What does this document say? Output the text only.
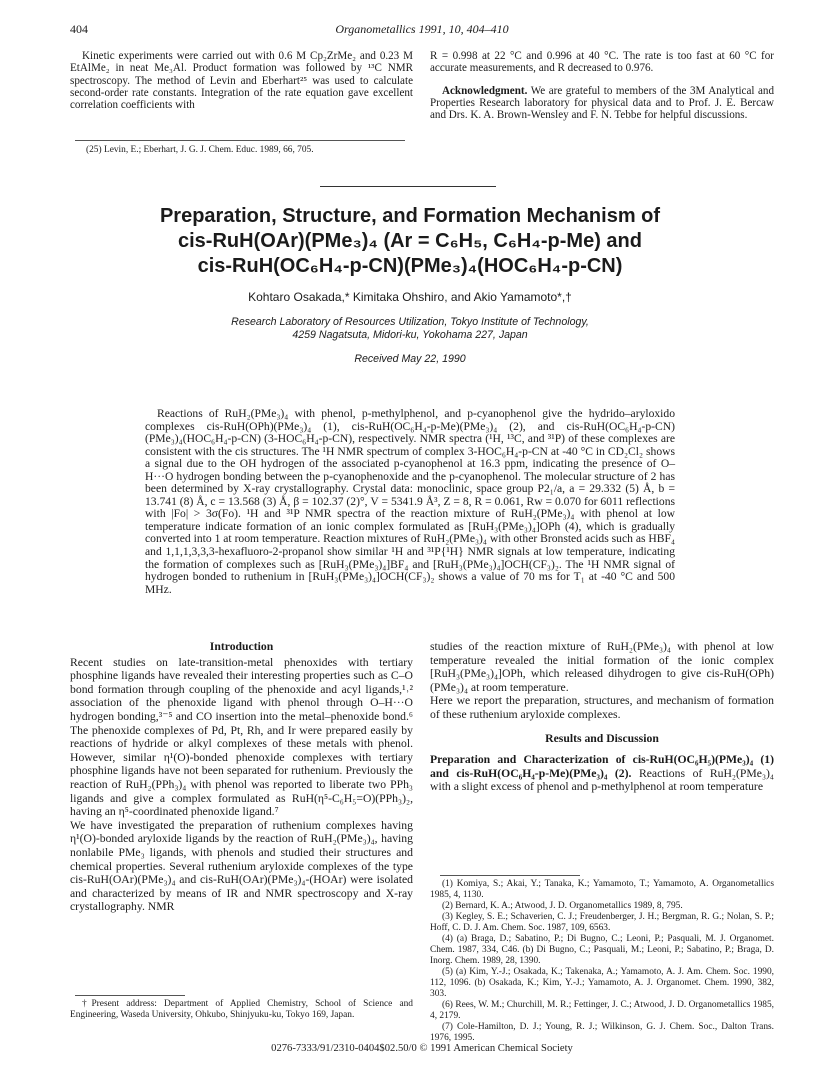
404	Organometallics 1991, 10, 404–410

Kinetic experiments were carried out with 0.6 M Cp₂ZrMe₂ and 0.23 M EtAlMe₂ in neat Me₃Al. Product formation was followed by ¹³C NMR spectroscopy. The method of Levin and Eberhart²⁵ was used to calculate second-order rate constants. Integration of the rate equation gave excellent correlation coefficients with

(25) Levin, E.; Eberhart, J. G. J. Chem. Educ. 1989, 66, 705.

R = 0.998 at 22 °C and 0.996 at 40 °C. The rate is too fast at 60 °C for accurate measurements, and R decreased to 0.976.

Acknowledgment. We are grateful to members of the 3M Analytical and Properties Research laboratory for physical data and to Prof. J. E. Bercaw and Drs. K. A. Brown-Wensley and F. N. Tebbe for helpful discussions.

Preparation, Structure, and Formation Mechanism of
cis-RuH(OAr)(PMe₃)₄ (Ar = C₆H₅, C₆H₄-p-Me) and
cis-RuH(OC₆H₄-p-CN)(PMe₃)₄(HOC₆H₄-p-CN)
Kohtaro Osakada,* Kimitaka Ohshiro, and Akio Yamamoto*,†
Research Laboratory of Resources Utilization, Tokyo Institute of Technology,
4259 Nagatsuta, Midori-ku, Yokohama 227, Japan
Received May 22, 1990

Reactions of RuH₂(PMe₃)₄ with phenol, p-methylphenol, and p-cyanophenol give the hydrido–aryloxido complexes cis-RuH(OPh)(PMe₃)₄ (1), cis-RuH(OC₆H₄-p-Me)(PMe₃)₄ (2), and cis-RuH(OC₆H₄-p-CN)(PMe₃)₄(HOC₆H₄-p-CN) (3-HOC₆H₄-p-CN), respectively. NMR spectra (¹H, ¹³C, and ³¹P) of these complexes are consistent with the cis structures. The ¹H NMR spectrum of complex 3-HOC₆H₄-p-CN at -40 °C in CD₂Cl₂ shows a signal due to the OH hydrogen of the associated p-cyanophenol at 16.3 ppm, indicating the presence of O–H···O hydrogen bonding between the p-cyanophenoxide and the p-cyanophenol. The molecular structure of 2 has been determined by X-ray crystallography. Crystal data: monoclinic, space group P2₁/a, a = 29.332 (5) Å, b = 13.741 (8) Å, c = 13.568 (3) Å, β = 102.37 (2)°, V = 5341.9 Å³, Z = 8, R = 0.061, Rw = 0.070 for 6011 reflections with |Fo| > 3σ(Fo). ¹H and ³¹P NMR spectra of the reaction mixture of RuH₂(PMe₃)₄ with phenol at low temperature indicate formation of an ionic complex formulated as [RuH₃(PMe₃)₄]OPh (4), which is gradually converted into 1 at room temperature. Reaction mixtures of RuH₂(PMe₃)₄ with other Bronsted acids such as HBF₄ and 1,1,1,3,3,3-hexafluoro-2-propanol show similar ¹H and ³¹P{¹H} NMR signals at low temperature, indicating the formation of complexes such as [RuH₃(PMe₃)₄]BF₄ and [RuH₃(PMe₃)₄]OCH(CF₃)₂. The ¹H NMR signal of hydrogen bonded to ruthenium in [RuH₃(PMe₃)₄]OCH(CF₃)₂ shows a value of 70 ms for T₁ at -40 °C and 500 MHz.

Introduction

Recent studies on late-transition-metal phenoxides with tertiary phosphine ligands have revealed their interesting properties such as C–O bond formation through coupling of the phenoxide and acyl ligands,¹˒² association of the phenoxide ligand with phenol through O–H···O hydrogen bonding,³⁻⁵ and CO insertion into the metal–phenoxide bond.⁶ The phenoxide complexes of Pd, Pt, Rh, and Ir were prepared easily by reactions of hydride or alkyl complexes of these metals with phenol. However, similar η¹(O)-bonded phenoxide complexes with tertiary phosphine ligands have not been separated for ruthenium. Previously the reaction of RuH₂(PPh₃)₄ with phenol was reported to liberate two PPh₃ ligands and give a complex formulated as RuH(η⁵-C₆H₅=O)(PPh₃)₂, having an η⁵-coordinated phenoxide ligand.⁷

We have investigated the preparation of ruthenium complexes having η¹(O)-bonded aryloxide ligands by the reaction of RuH₂(PMe₃)₄, having nonlabile PMe₃ ligands, with phenols and studied their structures and chemical properties. Several ruthenium aryloxide complexes of the type cis-RuH(OAr)(PMe₃)₄ and cis-RuH(OAr)(PMe₃)₄-(HOAr) were isolated and characterized by means of IR and NMR spectroscopy and X-ray crystallography. NMR

†Present address: Department of Applied Chemistry, School of Science and Engineering, Waseda University, Ohkubo, Shinjyuku-ku, Tokyo 169, Japan.

studies of the reaction mixture of RuH₂(PMe₃)₄ with phenol at low temperature revealed the initial formation of the ionic complex [RuH₃(PMe₃)₄]OPh, which released dihydrogen to give cis-RuH(OPh)(PMe₃)₄ at room temperature.

Here we report the preparation, structures, and mechanism of formation of these ruthenium aryloxide complexes.

Results and Discussion

Preparation and Characterization of cis-RuH(OC₆H₅)(PMe₃)₄ (1) and cis-RuH(OC₆H₄-p-Me)(PMe₃)₄ (2). Reactions of RuH₂(PMe₃)₄ with a slight excess of phenol and p-methylphenol at room temperature

(1) Komiya, S.; Akai, Y.; Tanaka, K.; Yamamoto, T.; Yamamoto, A. Organometallics 1985, 4, 1130.

(2) Bernard, K. A.; Atwood, J. D. Organometallics 1989, 8, 795.

(3) Kegley, S. E.; Schaverien, C. J.; Freudenberger, J. H.; Bergman, R. G.; Nolan, S. P.; Hoff, C. D. J. Am. Chem. Soc. 1987, 109, 6563.

(4) (a) Braga, D.; Sabatino, P.; Di Bugno, C.; Leoni, P.; Pasquali, M. J. Organomet. Chem. 1987, 334, C46. (b) Di Bugno, C.; Pasquali, M.; Leoni, P.; Sabatino, P.; Braga, D. Inorg. Chem. 1989, 28, 1390.

(5) (a) Kim, Y.-J.; Osakada, K.; Takenaka, A.; Yamamoto, A. J. Am. Chem. Soc. 1990, 112, 1096. (b) Osakada, K.; Kim, Y.-J.; Yamamoto, A. J. Organomet. Chem. 1990, 382, 303.

(6) Rees, W. M.; Churchill, M. R.; Fettinger, J. C.; Atwood, J. D. Organometallics 1985, 4, 2179.

(7) Cole-Hamilton, D. J.; Young, R. J.; Wilkinson, G. J. Chem. Soc., Dalton Trans. 1976, 1995.

0276-7333/91/2310-0404$02.50/0 © 1991 American Chemical Society
